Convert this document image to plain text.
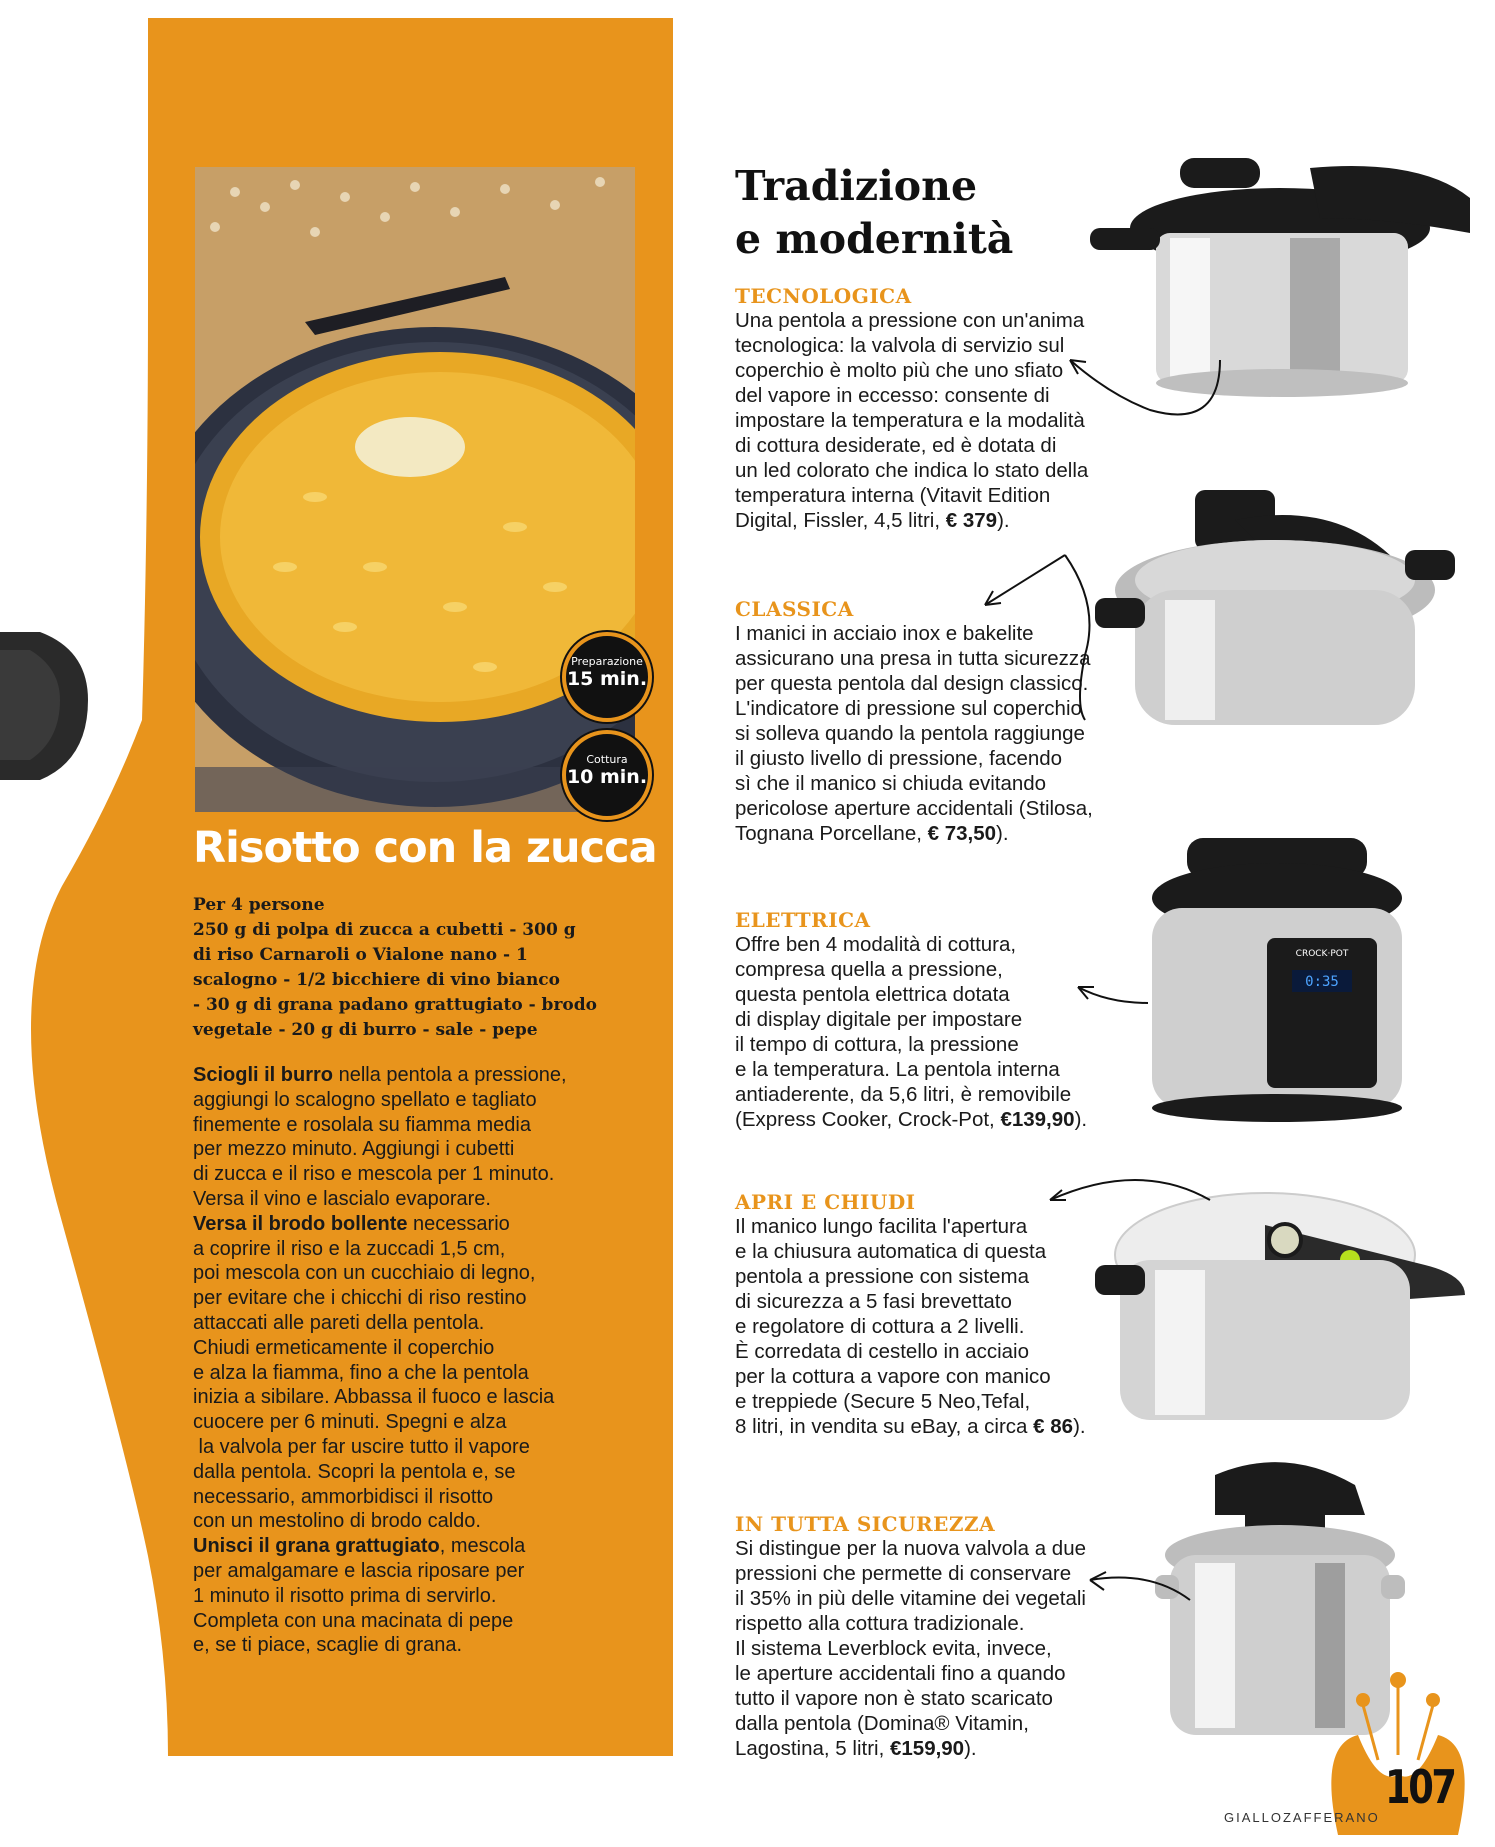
Preparazione
15 min.
Cottura
10 min.
Risotto con la zucca
Per 4 persone
250 g di polpa di zucca a cubetti - 300 g
di riso Carnaroli o Vialone nano - 1
scalogno - 1/2 bicchiere di vino bianco
- 30 g di grana padano grattugiato - brodo
vegetale - 20 g di burro - sale - pepe
Sciogli il burro nella pentola a pressione,
aggiungi lo scalogno spellato e tagliato
finemente e rosolala su fiamma media
per mezzo minuto. Aggiungi i cubetti
di zucca e il riso e mescola per 1 minuto.
Versa il vino e lascialo evaporare.
Versa il brodo bollente necessario
a coprire il riso e la zuccadi 1,5 cm,
poi mescola con un cucchiaio di legno,
per evitare che i chicchi di riso restino
attaccati alle pareti della pentola.
Chiudi ermeticamente il coperchio
e alza la fiamma, fino a che la pentola
inizia a sibilare. Abbassa il fuoco e lascia
cuocere per 6 minuti. Spegni e alza
la valvola per far uscire tutto il vapore
dalla pentola. Scopri la pentola e, se
necessario, ammorbidisci il risotto
con un mestolino di brodo caldo.
Unisci il grana grattugiato, mescola
per amalgamare e lascia riposare per
1 minuto il risotto prima di servirlo.
Completa con una macinata di pepe
e, se ti piace, scaglie di grana.
Tradizione
e modernità
TECNOLOGICA
Una pentola a pressione con un'anima
tecnologica: la valvola di servizio sul
coperchio è molto più che uno sfiato
del vapore in eccesso: consente di
impostare la temperatura e la modalità
di cottura desiderate, ed è dotata di
un led colorato che indica lo stato della
temperatura interna (Vitavit Edition
Digital, Fissler, 4,5 litri, € 379).
CLASSICA
I manici in acciaio inox e bakelite
assicurano una presa in tutta sicurezza
per questa pentola dal design classico.
L'indicatore di pressione sul coperchio
si solleva quando la pentola raggiunge
il giusto livello di pressione, facendo
sì che il manico si chiuda evitando
pericolose aperture accidentali (Stilosa,
Tognana Porcellane, € 73,50).
ELETTRICA
Offre ben 4 modalità di cottura,
compresa quella a pressione,
questa pentola elettrica dotata
di display digitale per impostare
il tempo di cottura, la pressione
e la temperatura. La pentola interna
antiaderente, da 5,6 litri, è removibile
(Express Cooker, Crock-Pot, €139,90).
APRI E CHIUDI
Il manico lungo facilita l'apertura
e la chiusura automatica di questa
pentola a pressione con sistema
di sicurezza a 5 fasi brevettato
e regolatore di cottura a 2 livelli.
È corredata di cestello in acciaio
per la cottura a vapore con manico
e treppiede (Secure 5 Neo,Tefal,
8 litri, in vendita su eBay, a circa € 86).
IN TUTTA SICUREZZA
Si distingue per la nuova valvola a due
pressioni che permette di conservare
il 35% in più delle vitamine dei vegetali
rispetto alla cottura tradizionale.
Il sistema Leverblock evita, invece,
le aperture accidentali fino a quando
tutto il vapore non è stato scaricato
dalla pentola (Domina® Vitamin,
Lagostina, 5 litri, €159,90).
CROCK·POT
0:35
GIALLOZAFFERANO
107
